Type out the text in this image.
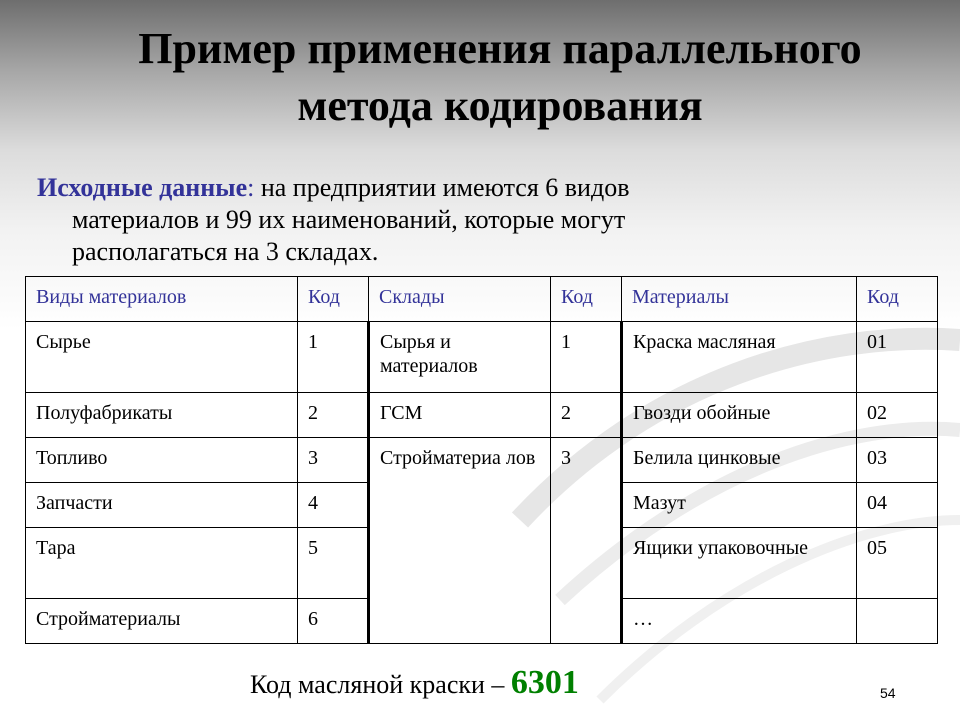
Пример применения параллельного
метода кодирования
Исходные данные: на предприятии имеются 6 видов
материалов и 99 их наименований, которые могут
располагаться на 3 складах.
Виды материалов	Код	Склады	Код	Материалы	Код
Сырье	1	Сырья и материалов	1	Краска масляная	01
Полуфабрикаты	2	ГСМ	2	Гвозди обойные	02
Топливо	3	Стройматериа лов	3	Белила цинковые	03
Запчасти	4			Мазут	04
Тара	5			Ящики упаковочные	05
Стройматериалы	6			…	
Код масляной краски – 6301	54
